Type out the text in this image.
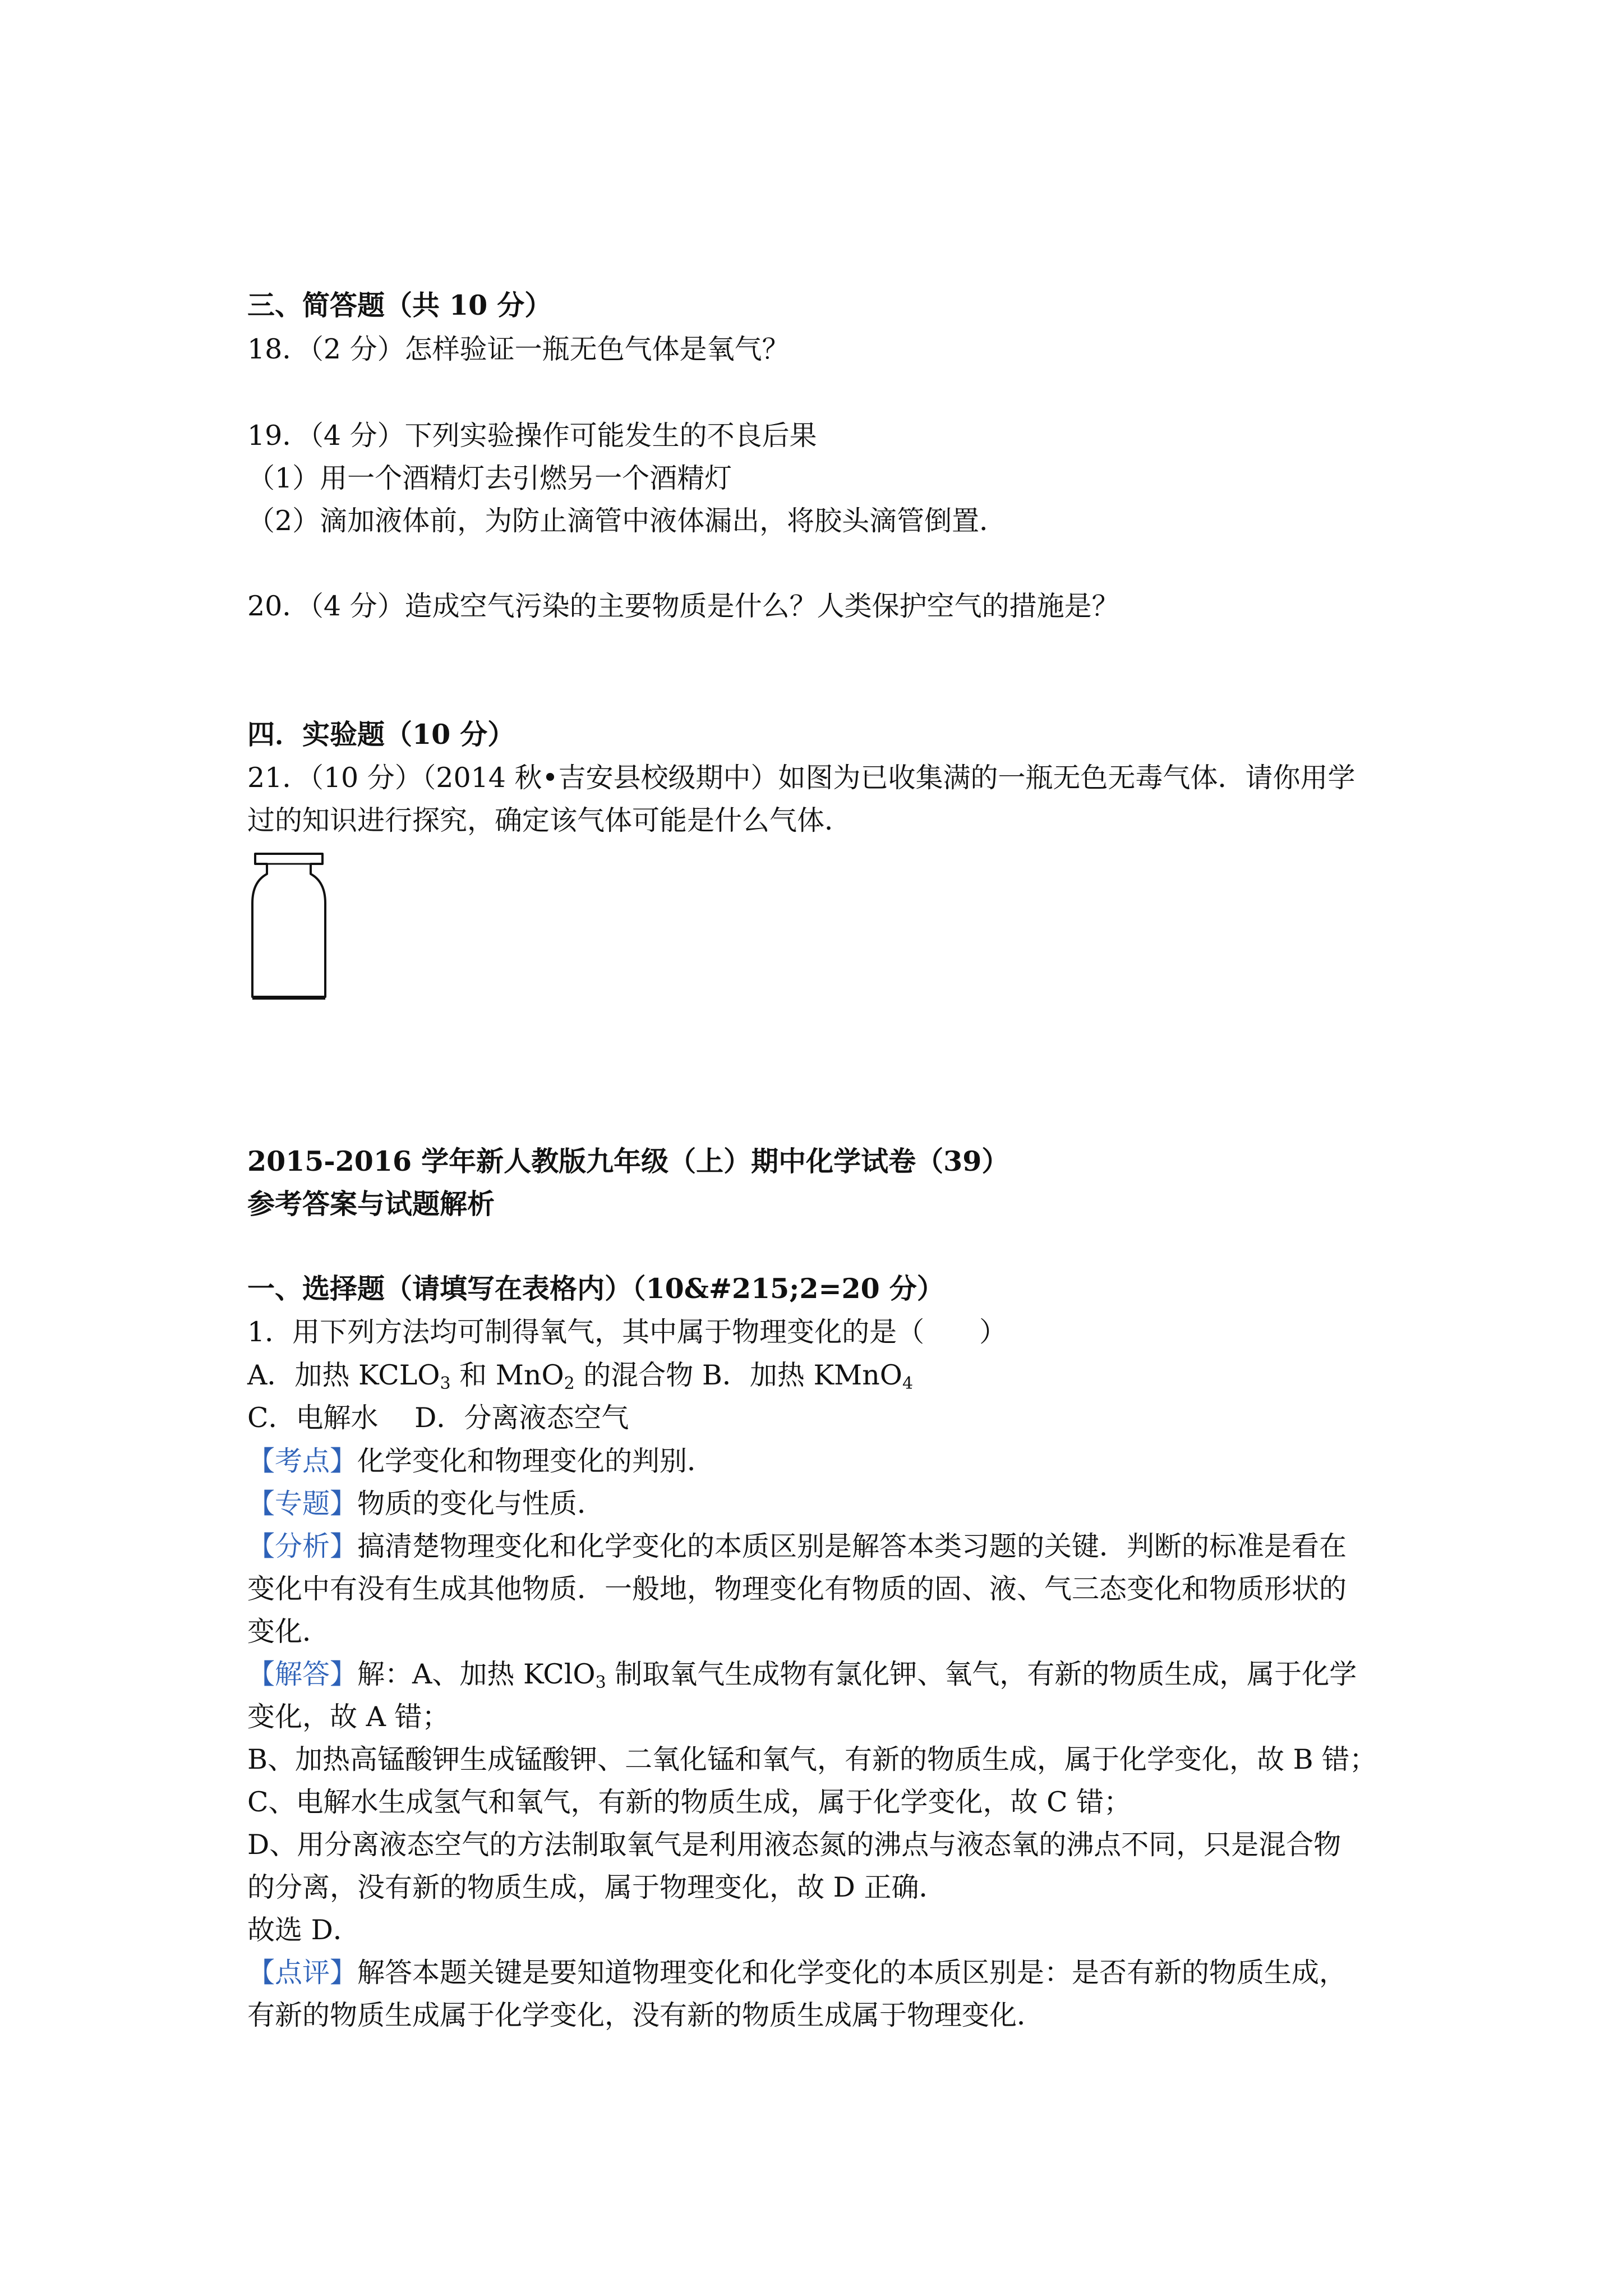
三、简答题（共 10 分）
18．（2 分）怎样验证一瓶无色气体是氧气？
19．（4 分）下列实验操作可能发生的不良后果
（1）用一个酒精灯去引燃另一个酒精灯
（2）滴加液体前，为防止滴管中液体漏出，将胶头滴管倒置．
20．（4 分）造成空气污染的主要物质是什么？人类保护空气的措施是？
四．实验题（10 分）
21．（10 分）（2014 秋•吉安县校级期中）如图为已收集满的一瓶无色无毒气体．请你用学
过的知识进行探究，确定该气体可能是什么气体．
2015-2016 学年新人教版九年级（上）期中化学试卷（39）
参考答案与试题解析
一、选择题（请填写在表格内）（10&#215;2=20 分）
1．用下列方法均可制得氧气，其中属于物理变化的是（　　）
A．加热 $KCLO_3$ 和 MnO$_2$ 的混合物 B．加热 KMnO$_4$
C．电解水　 D．分离液态空气
【考点】化学变化和物理变化的判别．
【专题】物质的变化与性质．
【分析】搞清楚物理变化和化学变化的本质区别是解答本类习题的关键．判断的标准是看在
变化中有没有生成其他物质．一般地，物理变化有物质的固、液、气三态变化和物质形状的
变化．
【解答】解：A、加热 KClO$_3$ 制取氧气生成物有氯化钾、氧气，有新的物质生成，属于化学
变化，故 A 错；
B、加热高锰酸钾生成锰酸钾、二氧化锰和氧气，有新的物质生成，属于化学变化，故 B 错；
C、电解水生成氢气和氧气，有新的物质生成，属于化学变化，故 C 错；
D、用分离液态空气的方法制取氧气是利用液态氮的沸点与液态氧的沸点不同，只是混合物
的分离，没有新的物质生成，属于物理变化，故 D 正确．
故选 D．
【点评】解答本题关键是要知道物理变化和化学变化的本质区别是：是否有新的物质生成，
有新的物质生成属于化学变化，没有新的物质生成属于物理变化．
